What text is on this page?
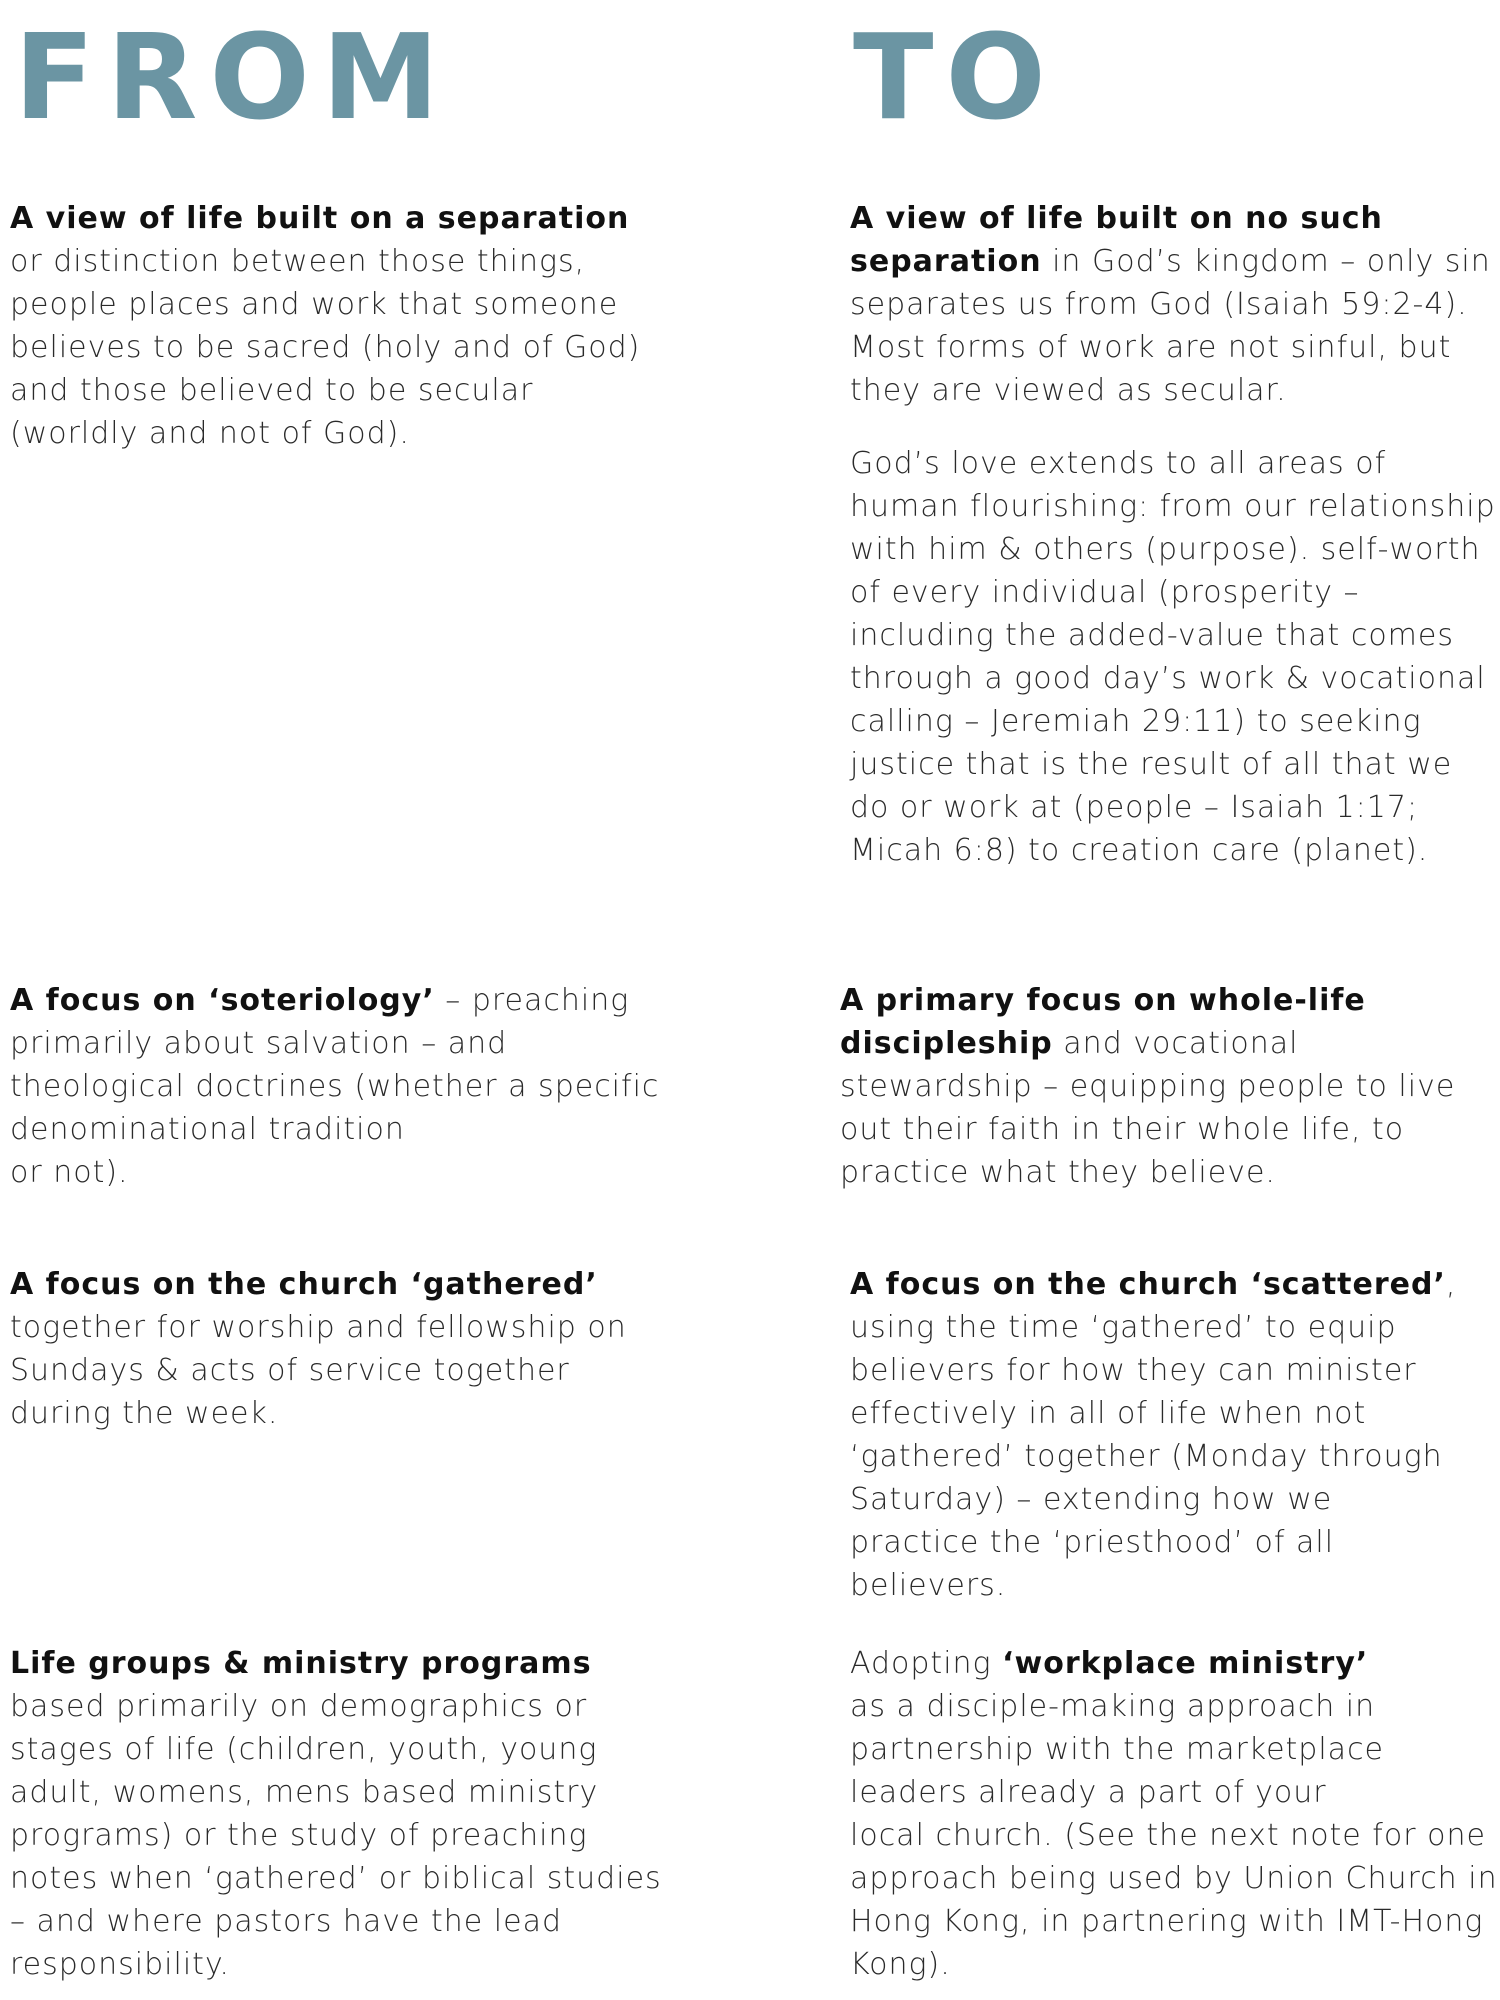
FROM	TO

A view of life built on a separation
or distinction between those things, people places and work that someone believes to be sacred (holy and of God) and those believed to be secular (worldly and not of God).

A view of life built on no such separation in God’s kingdom – only sin separates us from God (Isaiah 59:2-4). Most forms of work are not sinful, but they are viewed as secular.

God’s love extends to all areas of human flourishing: from our relationship with him & others (purpose). self-worth of every individual (prosperity – including the added-value that comes through a good day’s work & vocational calling – Jeremiah 29:11) to seeking justice that is the result of all that we do or work at (people – Isaiah 1:17; Micah 6:8) to creation care (planet).

A focus on ‘soteriology’ – preaching primarily about salvation – and theological doctrines (whether a specific denominational tradition
or not).

A primary focus on whole-life discipleship and vocational stewardship – equipping people to live out their faith in their whole life, to practice what they believe.

A focus on the church ‘gathered’
together for worship and fellowship on Sundays & acts of service together during the week.

A focus on the church ‘scattered’,
using the time ‘gathered’ to equip believers for how they can minister effectively in all of life when not ‘gathered’ together (Monday through Saturday) – extending how we practice the ‘priesthood’ of all believers.

Life groups & ministry programs
based primarily on demographics or stages of life (children, youth, young adult, womens, mens based ministry programs) or the study of preaching notes when ‘gathered’ or biblical studies – and where pastors have the lead responsibility.

Adopting ‘workplace ministry’
as a disciple-making approach in partnership with the marketplace leaders already a part of your
local church. (See the next note for one approach being used by Union Church in Hong Kong, in partnering with IMT-Hong Kong).
